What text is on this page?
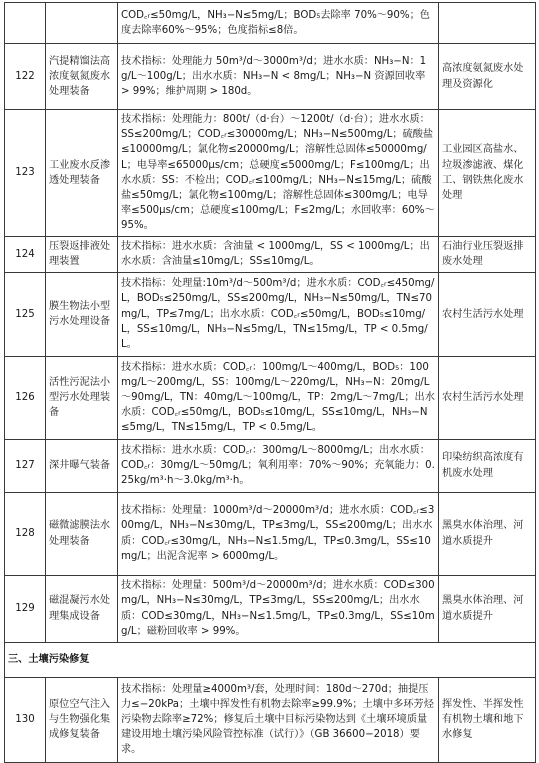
		COD꜀ᵣ≤50mg/L，NH₃−N≤5mg/L；BOD₅去除率 70%～90%；色度去除率60%～95%；色度指标≤8倍。	
122	汽提精馏法高浓度氨氮废水处理装备	技术指标：处理能力 50m³/d～3000m³/d；进水水质：NH₃−N：1g/L～100g/L；出水水质：NH₃−N < 8mg/L；NH₃−N 资源回收率 > 99%；维护周期 > 180d。	高浓度氨氮废水处理及资源化
123	工业废水反渗透处理装备	技术指标：处理能力：800t/（d·台）～1200t/（d·台）；进水水质：SS≤200mg/L；COD꜀ᵣ≤30000mg/L；NH₃−N≤500mg/L；硫酸盐≤10000mg/L；氯化物≤20000mg/L；溶解性总固体≤50000mg/L；电导率≤65000μs/cm；总硬度≤5000mg/L；F≤100mg/L；出水水质：SS：不检出；COD꜀ᵣ≤100mg/L；NH₃−N≤15mg/L；硫酸盐≤50mg/L；氯化物≤100mg/L；溶解性总固体≤300mg/L；电导率≤500μs/cm；总硬度≤100mg/L；F≤2mg/L；水回收率：60%～95%。	工业园区高盐水、垃圾渗滤液、煤化工、钢铁焦化废水处理
124	压裂返排液处理装置	技术指标：进水水质：含油量 < 1000mg/L，SS < 1000mg/L；出水水质：含油量≤10mg/L；SS≤10mg/L。	石油行业压裂返排废水处理
125	膜生物法小型污水处理设备	技术指标：处理量:10m³/d～500m³/d；进水水质：COD꜀ᵣ≤450mg/L，BOD₅≤250mg/L，SS≤200mg/L，NH₃−N≤50mg/L，TN≤70mg/L，TP≤7mg/L；出水水质：COD꜀ᵣ≤50mg/L，BOD₅≤10mg/L，SS≤10mg/L，NH₃−N≤5mg/L，TN≤15mg/L，TP < 0.5mg/L。	农村生活污水处理
126	活性污泥法小型污水处理装备	技术指标：进水水质：COD꜀ᵣ：100mg/L～400mg/L，BOD₅：100mg/L～200mg/L，SS：100mg/L～220mg/L，NH₃−N：20mg/L～90mg/L，TN：40mg/L～100mg/L，TP：2mg/L～7mg/L；出水水质：COD꜀ᵣ≤50mg/L，BOD₅≤10mg/L，SS≤10mg/L，NH₃−N≤5mg/L，TN≤15mg/L，TP < 0.5mg/L。	农村生活污水处理
127	深井曝气装备	技术指标：进水水质：COD꜀ᵣ：300mg/L～8000mg/L；出水水质：COD꜀ᵣ：30mg/L～50mg/L；氧利用率：70%～90%；充氧能力：0.25kg/m³·h～3.0kg/m³·h。	印染纺织高浓度有机废水处理
128	磁微滤膜法水处理装备	技术指标：处理量：1000m³/d～20000m³/d；进水水质：COD꜀ᵣ≤300mg/L，NH₃−N≤30mg/L，TP≤3mg/L，SS≤200mg/L；出水水质：COD꜀ᵣ≤30mg/L，NH₃−N≤1.5mg/L，TP≤0.3mg/L，SS≤10mg/L；出泥含泥率 > 6000mg/L。	黑臭水体治理、河道水质提升
129	磁混凝污水处理集成设备	技术指标：处理量：500m³/d～20000m³/d；进水水质：COD≤300mg/L，NH₃−N≤30mg/L，TP≤3mg/L，SS≤200mg/L；出水水质：COD≤30mg/L，NH₃−N≤1.5mg/L，TP≤0.3mg/L，SS≤10mg/L；磁粉回收率 > 99%。	黑臭水体治理、河道水质提升
三、土壤污染修复			
130	原位空气注入与生物强化集成修复装备	技术指标：处理量≥4000m³/套，处理时间：180d～270d；抽提压力≤−20kPa；土壤中挥发性有机物去除率≥99.9%；土壤中多环芳烃污染物去除率≥72%；修复后土壤中目标污染物达到《土壤环境质量建设用地土壤污染风险管控标准（试行）》（GB 36600−2018）要求。	挥发性、半挥发性有机物土壤和地下水修复
